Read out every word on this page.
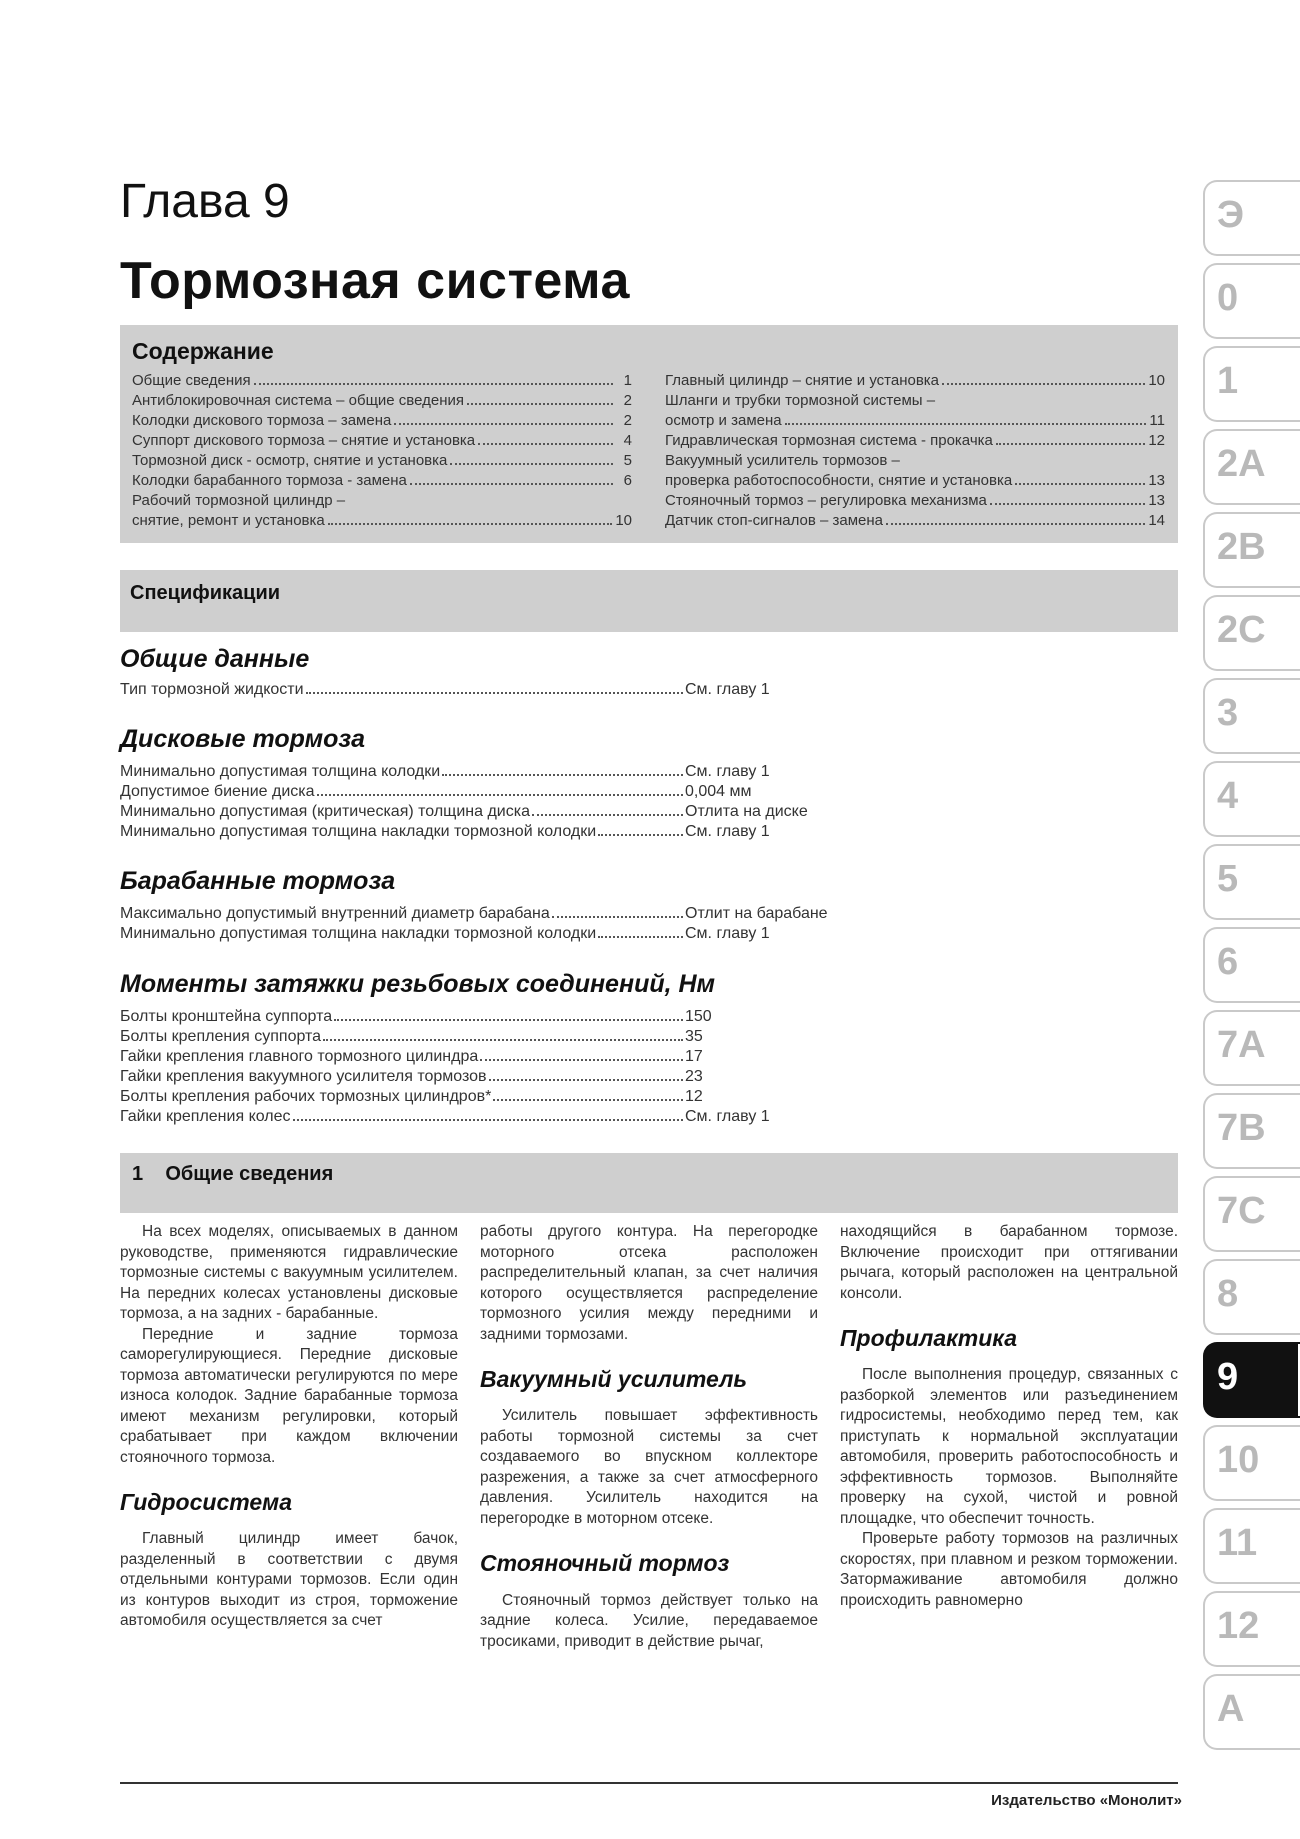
Глава 9
Тормозная система
Содержание
Общие сведения	1
Антиблокировочная система – общие сведения	2
Колодки дискового тормоза – замена	2
Суппорт дискового тормоза – снятие и установка	4
Тормозной диск - осмотр, снятие и установка	5
Колодки барабанного тормоза - замена	6
Рабочий тормозной цилиндр –
снятие, ремонт и установка	10
Главный цилиндр – снятие и установка	10
Шланги и трубки тормозной системы –
осмотр и замена	11
Гидравлическая тормозная система - прокачка	12
Вакуумный усилитель тормозов –
проверка работоспособности, снятие и установка	13
Стояночный тормоз – регулировка механизма	13
Датчик стоп-сигналов – замена	14
Спецификации
Общие данные
Тип тормозной жидкости	См. главу 1
Дисковые тормоза
Минимально допустимая толщина колодки	См. главу 1
Допустимое биение диска	0,004 мм
Минимально допустимая (критическая) толщина диска	Отлита на диске
Минимально допустимая толщина накладки тормозной колодки	См. главу 1
Барабанные тормоза
Максимально допустимый внутренний диаметр барабана	Отлит на барабане
Минимально допустимая толщина накладки тормозной колодки	См. главу 1
Моменты затяжки резьбовых соединений, Нм
Болты кронштейна суппорта	150
Болты крепления суппорта	35
Гайки крепления главного тормозного цилиндра	17
Гайки крепления вакуумного усилителя тормозов	23
Болты крепления рабочих тормозных цилиндров*	12
Гайки крепления колес	См. главу 1
1 Общие сведения

На всех моделях, описываемых в данном руководстве, применяются гидравлические тормозные системы с вакуумным усилителем. На передних колесах установлены дисковые тормоза, а на задних - барабанные.

Передние и задние тормоза саморегулирующиеся. Передние дисковые тормоза автоматически регулируются по мере износа колодок. Задние барабанные тормоза имеют механизм регулировки, который срабатывает при каждом включении стояночного тормоза.

Гидросистема

Главный цилиндр имеет бачок, разделенный в соответствии с двумя отдельными контурами тормозов. Если один из контуров выходит из строя, торможение автомобиля осуществляется за счет

работы другого контура. На перегородке моторного отсека расположен распределительный клапан, за счет наличия которого осуществляется распределение тормозного усилия между передними и задними тормозами.

Вакуумный усилитель

Усилитель повышает эффективность работы тормозной системы за счет создаваемого во впускном коллекторе разрежения, а также за счет атмосферного давления. Усилитель находится на перегородке в моторном отсеке.

Стояночный тормоз

Стояночный тормоз действует только на задние колеса. Усилие, передаваемое тросиками, приводит в действие рычаг,

находящийся в барабанном тормозе. Включение происходит при оттягивании рычага, который расположен на центральной консоли.

Профилактика

После выполнения процедур, связанных с разборкой элементов или разъединением гидросистемы, необходимо перед тем, как приступать к нормальной эксплуатации автомобиля, проверить работоспособность и эффективность тормозов. Выполняйте проверку на сухой, чистой и ровной площадке, что обеспечит точность.

Проверьте работу тормозов на различных скоростях, при плавном и резком торможении. Затормаживание автомобиля должно происходить равномерно

Издательство «Монолит»
Э
0
1
2A
2B
2C
3
4
5
6
7A
7B
7C
8
9
10
11
12
A
